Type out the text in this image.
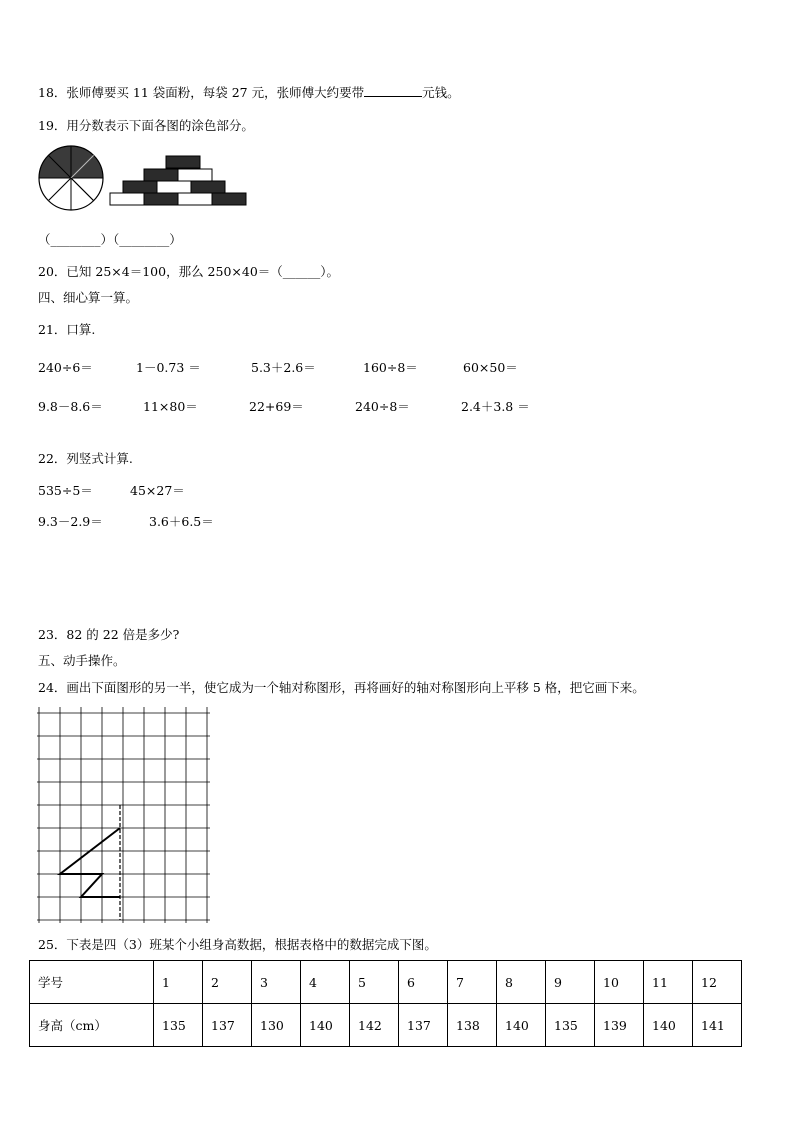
18．张师傅要买 11 袋面粉，每袋 27 元，张师傅大约要带	元钱。
19．用分数表示下面各图的涂色部分。
（________）（________）
20．已知 25×4＝100，那么 250×40＝（______）。
四、细心算一算。
21．口算.
240÷6＝	1－0.73 ＝	5.3＋2.6＝	160÷8＝	60×50＝
9.8－8.6＝	11×80＝	22+69＝	240÷8＝	2.4＋3.8 ＝
22．列竖式计算.
535÷5＝	45×27＝
9.3－2.9＝	3.6＋6.5＝
23．82 的 22 倍是多少?
五、动手操作。
24．画出下面图形的另一半，使它成为一个轴对称图形，再将画好的轴对称图形向上平移 5 格，把它画下来。
25．下表是四（3）班某个小组身高数据，根据表格中的数据完成下图。
学号	1	2	3	4	5	6	7	8	9	10	11	12
身高（cm）	135	137	130	140	142	137	138	140	135	139	140	141
